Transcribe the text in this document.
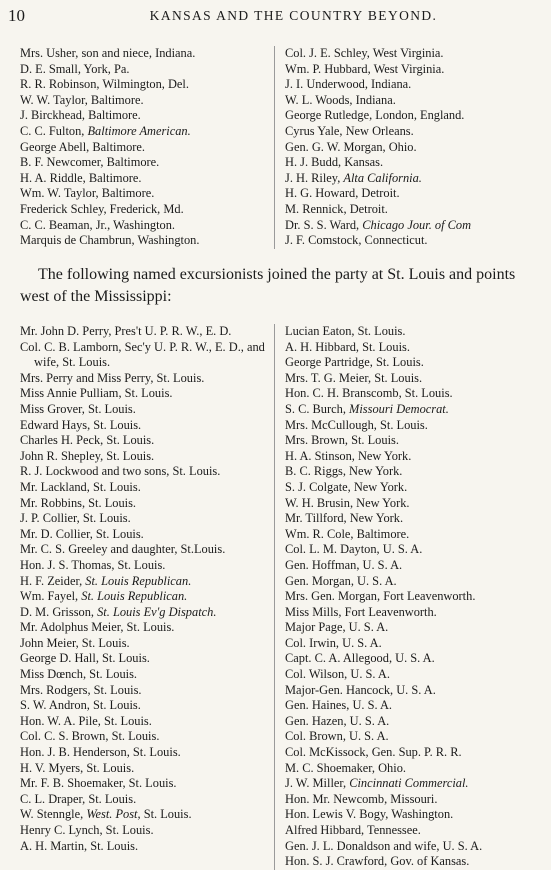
10	KANSAS AND THE COUNTRY BEYOND.
Mrs. Usher, son and niece, Indiana.
D. E. Small, York, Pa.
R. R. Robinson, Wilmington, Del.
W. W. Taylor, Baltimore.
J. Birckhead, Baltimore.
C. C. Fulton, Baltimore American.
George Abell, Baltimore.
B. F. Newcomer, Baltimore.
H. A. Riddle, Baltimore.
Wm. W. Taylor, Baltimore.
Frederick Schley, Frederick, Md.
C. C. Beaman, Jr., Washington.
Marquis de Chambrun, Washington.
Col. J. E. Schley, West Virginia.
Wm. P. Hubbard, West Virginia.
J. I. Underwood, Indiana.
W. L. Woods, Indiana.
George Rutledge, London, England.
Cyrus Yale, New Orleans.
Gen. G. W. Morgan, Ohio.
H. J. Budd, Kansas.
J. H. Riley, Alta California.
H. G. Howard, Detroit.
M. Rennick, Detroit.
Dr. S. S. Ward, Chicago Jour. of Com
J. F. Comstock, Connecticut.

The following named excursionists joined the party at St. Louis and points west of the Mississippi:

Mr. John D. Perry, Pres't U. P. R. W., E. D.
Col. C. B. Lamborn, Sec'y U. P. R. W., E. D., and wife, St. Louis.
Mrs. Perry and Miss Perry, St. Louis.
Miss Annie Pulliam, St. Louis.
Miss Grover, St. Louis.
Edward Hays, St. Louis.
Charles H. Peck, St. Louis.
John R. Shepley, St. Louis.
R. J. Lockwood and two sons, St. Louis.
Mr. Lackland, St. Louis.
Mr. Robbins, St. Louis.
J. P. Collier, St. Louis.
Mr. D. Collier, St. Louis.
Mr. C. S. Greeley and daughter, St.Louis.
Hon. J. S. Thomas, St. Louis.
H. F. Zeider, St. Louis Republican.
Wm. Fayel, St. Louis Republican.
D. M. Grisson, St. Louis Ev'g Dispatch.
Mr. Adolphus Meier, St. Louis.
John Meier, St. Louis.
George D. Hall, St. Louis.
Miss Dœnch, St. Louis.
Mrs. Rodgers, St. Louis.
S. W. Andron, St. Louis.
Hon. W. A. Pile, St. Louis.
Col. C. S. Brown, St. Louis.
Hon. J. B. Henderson, St. Louis.
H. V. Myers, St. Louis.
Mr. F. B. Shoemaker, St. Louis.
C. L. Draper, St. Louis.
W. Stenngle, West. Post, St. Louis.
Henry C. Lynch, St. Louis.
A. H. Martin, St. Louis.
Lucian Eaton, St. Louis.
A. H. Hibbard, St. Louis.
George Partridge, St. Louis.
Mrs. T. G. Meier, St. Louis.
Hon. C. H. Branscomb, St. Louis.
S. C. Burch, Missouri Democrat.
Mrs. McCullough, St. Louis.
Mrs. Brown, St. Louis.
H. A. Stinson, New York.
B. C. Riggs, New York.
S. J. Colgate, New York.
W. H. Brusin, New York.
Mr. Tillford, New York.
Wm. R. Cole, Baltimore.
Col. L. M. Dayton, U. S. A.
Gen. Hoffman, U. S. A.
Gen. Morgan, U. S. A.
Mrs. Gen. Morgan, Fort Leavenworth.
Miss Mills, Fort Leavenworth.
Major Page, U. S. A.
Col. Irwin, U. S. A.
Capt. C. A. Allegood, U. S. A.
Col. Wilson, U. S. A.
Major-Gen. Hancock, U. S. A.
Gen. Haines, U. S. A.
Gen. Hazen, U. S. A.
Col. Brown, U. S. A.
Col. McKissock, Gen. Sup. P. R. R.
M. C. Shoemaker, Ohio.
J. W. Miller, Cincinnati Commercial.
Hon. Mr. Newcomb, Missouri.
Hon. Lewis V. Bogy, Washington.
Alfred Hibbard, Tennessee.
Gen. J. L. Donaldson and wife, U. S. A.
Hon. S. J. Crawford, Gov. of Kansas.
